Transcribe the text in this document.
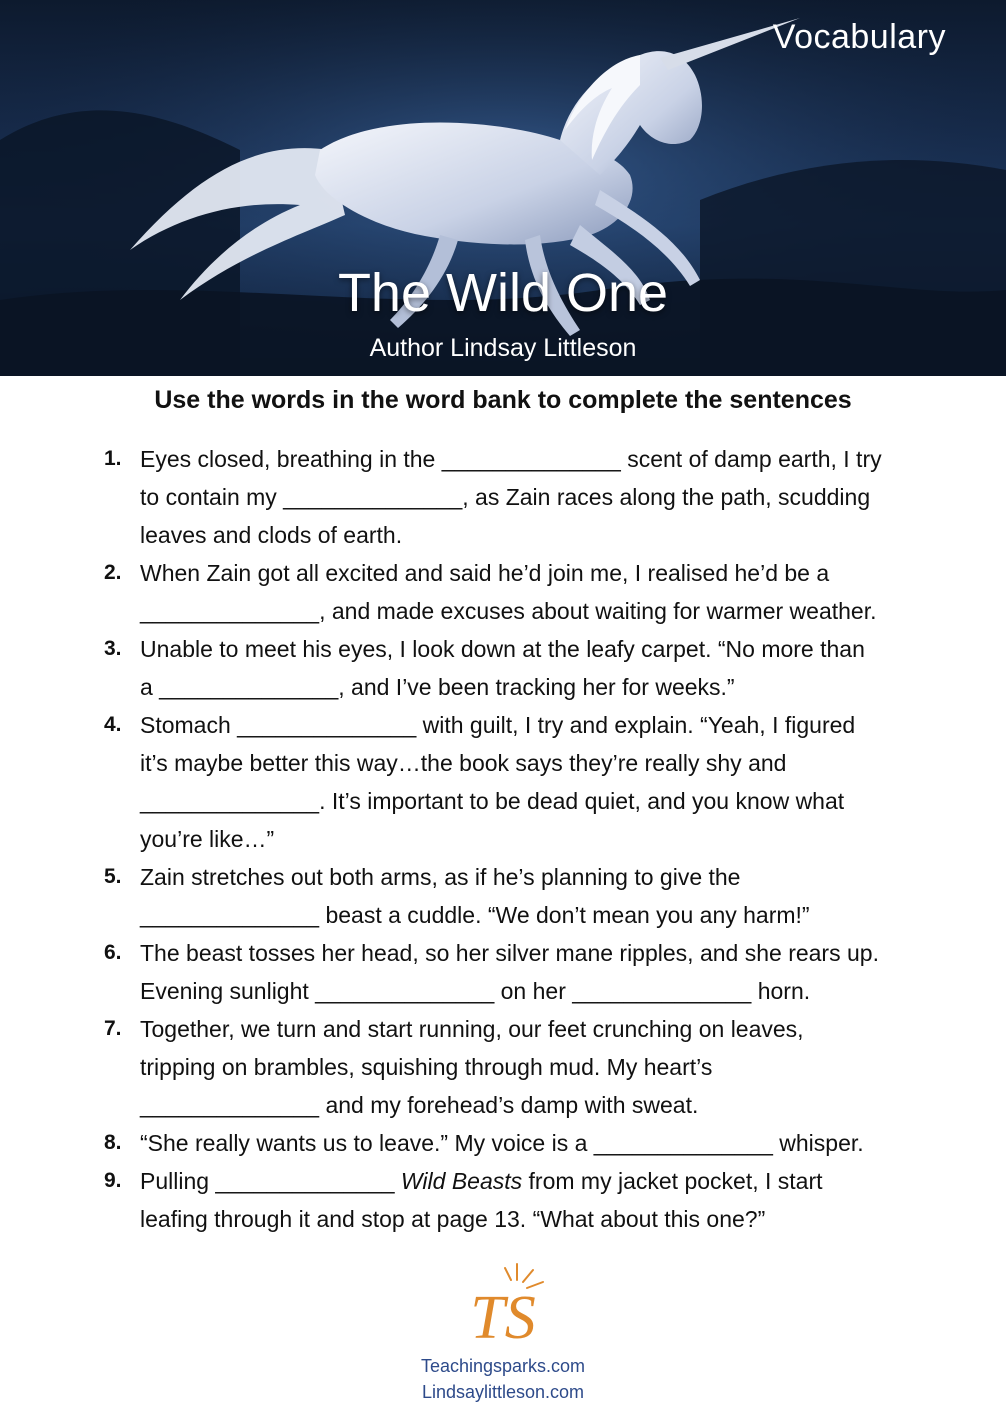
Vocabulary
The Wild One
Author Lindsay Littleson
Use the words in the word bank to complete the sentences
1. Eyes closed, breathing in the ______________ scent of damp earth, I try
to contain my ______________, as Zain races along the path, scudding
leaves and clods of earth.
2. When Zain got all excited and said he’d join me, I realised he’d be a
______________, and made excuses about waiting for warmer weather.
3. Unable to meet his eyes, I look down at the leafy carpet. “No more than
a ______________, and I’ve been tracking her for weeks.”
4. Stomach ______________ with guilt, I try and explain. “Yeah, I figured
it’s maybe better this way…the book says they’re really shy and
______________. It’s important to be dead quiet, and you know what
you’re like…”
5. Zain stretches out both arms, as if he’s planning to give the
______________ beast a cuddle. “We don’t mean you any harm!”
6. The beast tosses her head, so her silver mane ripples, and she rears up.
Evening sunlight ______________ on her ______________ horn.
7. Together, we turn and start running, our feet crunching on leaves,
tripping on brambles, squishing through mud. My heart’s
______________ and my forehead’s damp with sweat.
8. “She really wants us to leave.” My voice is a ______________ whisper.
9. Pulling ______________ Wild Beasts from my jacket pocket, I start
leafing through it and stop at page 13. “What about this one?”
TS
Teachingsparks.com
Lindsaylittleson.com
